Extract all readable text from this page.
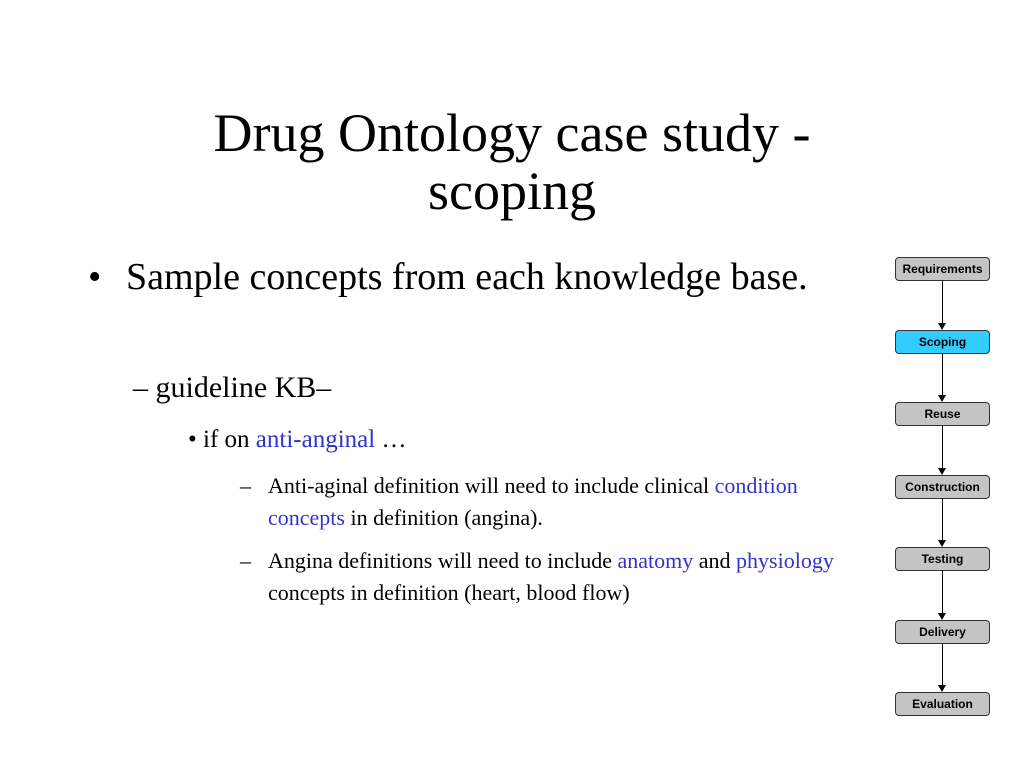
Drug Ontology case study -
scoping
• Sample concepts from each knowledge base.
– guideline KB–
• if on anti-anginal …
– Anti-aginal definition will need to include clinical condition concepts in definition (angina).
– Angina definitions will need to include anatomy and physiology concepts in definition (heart, blood flow)
Requirements
Scoping
Reuse
Construction
Testing
Delivery
Evaluation
